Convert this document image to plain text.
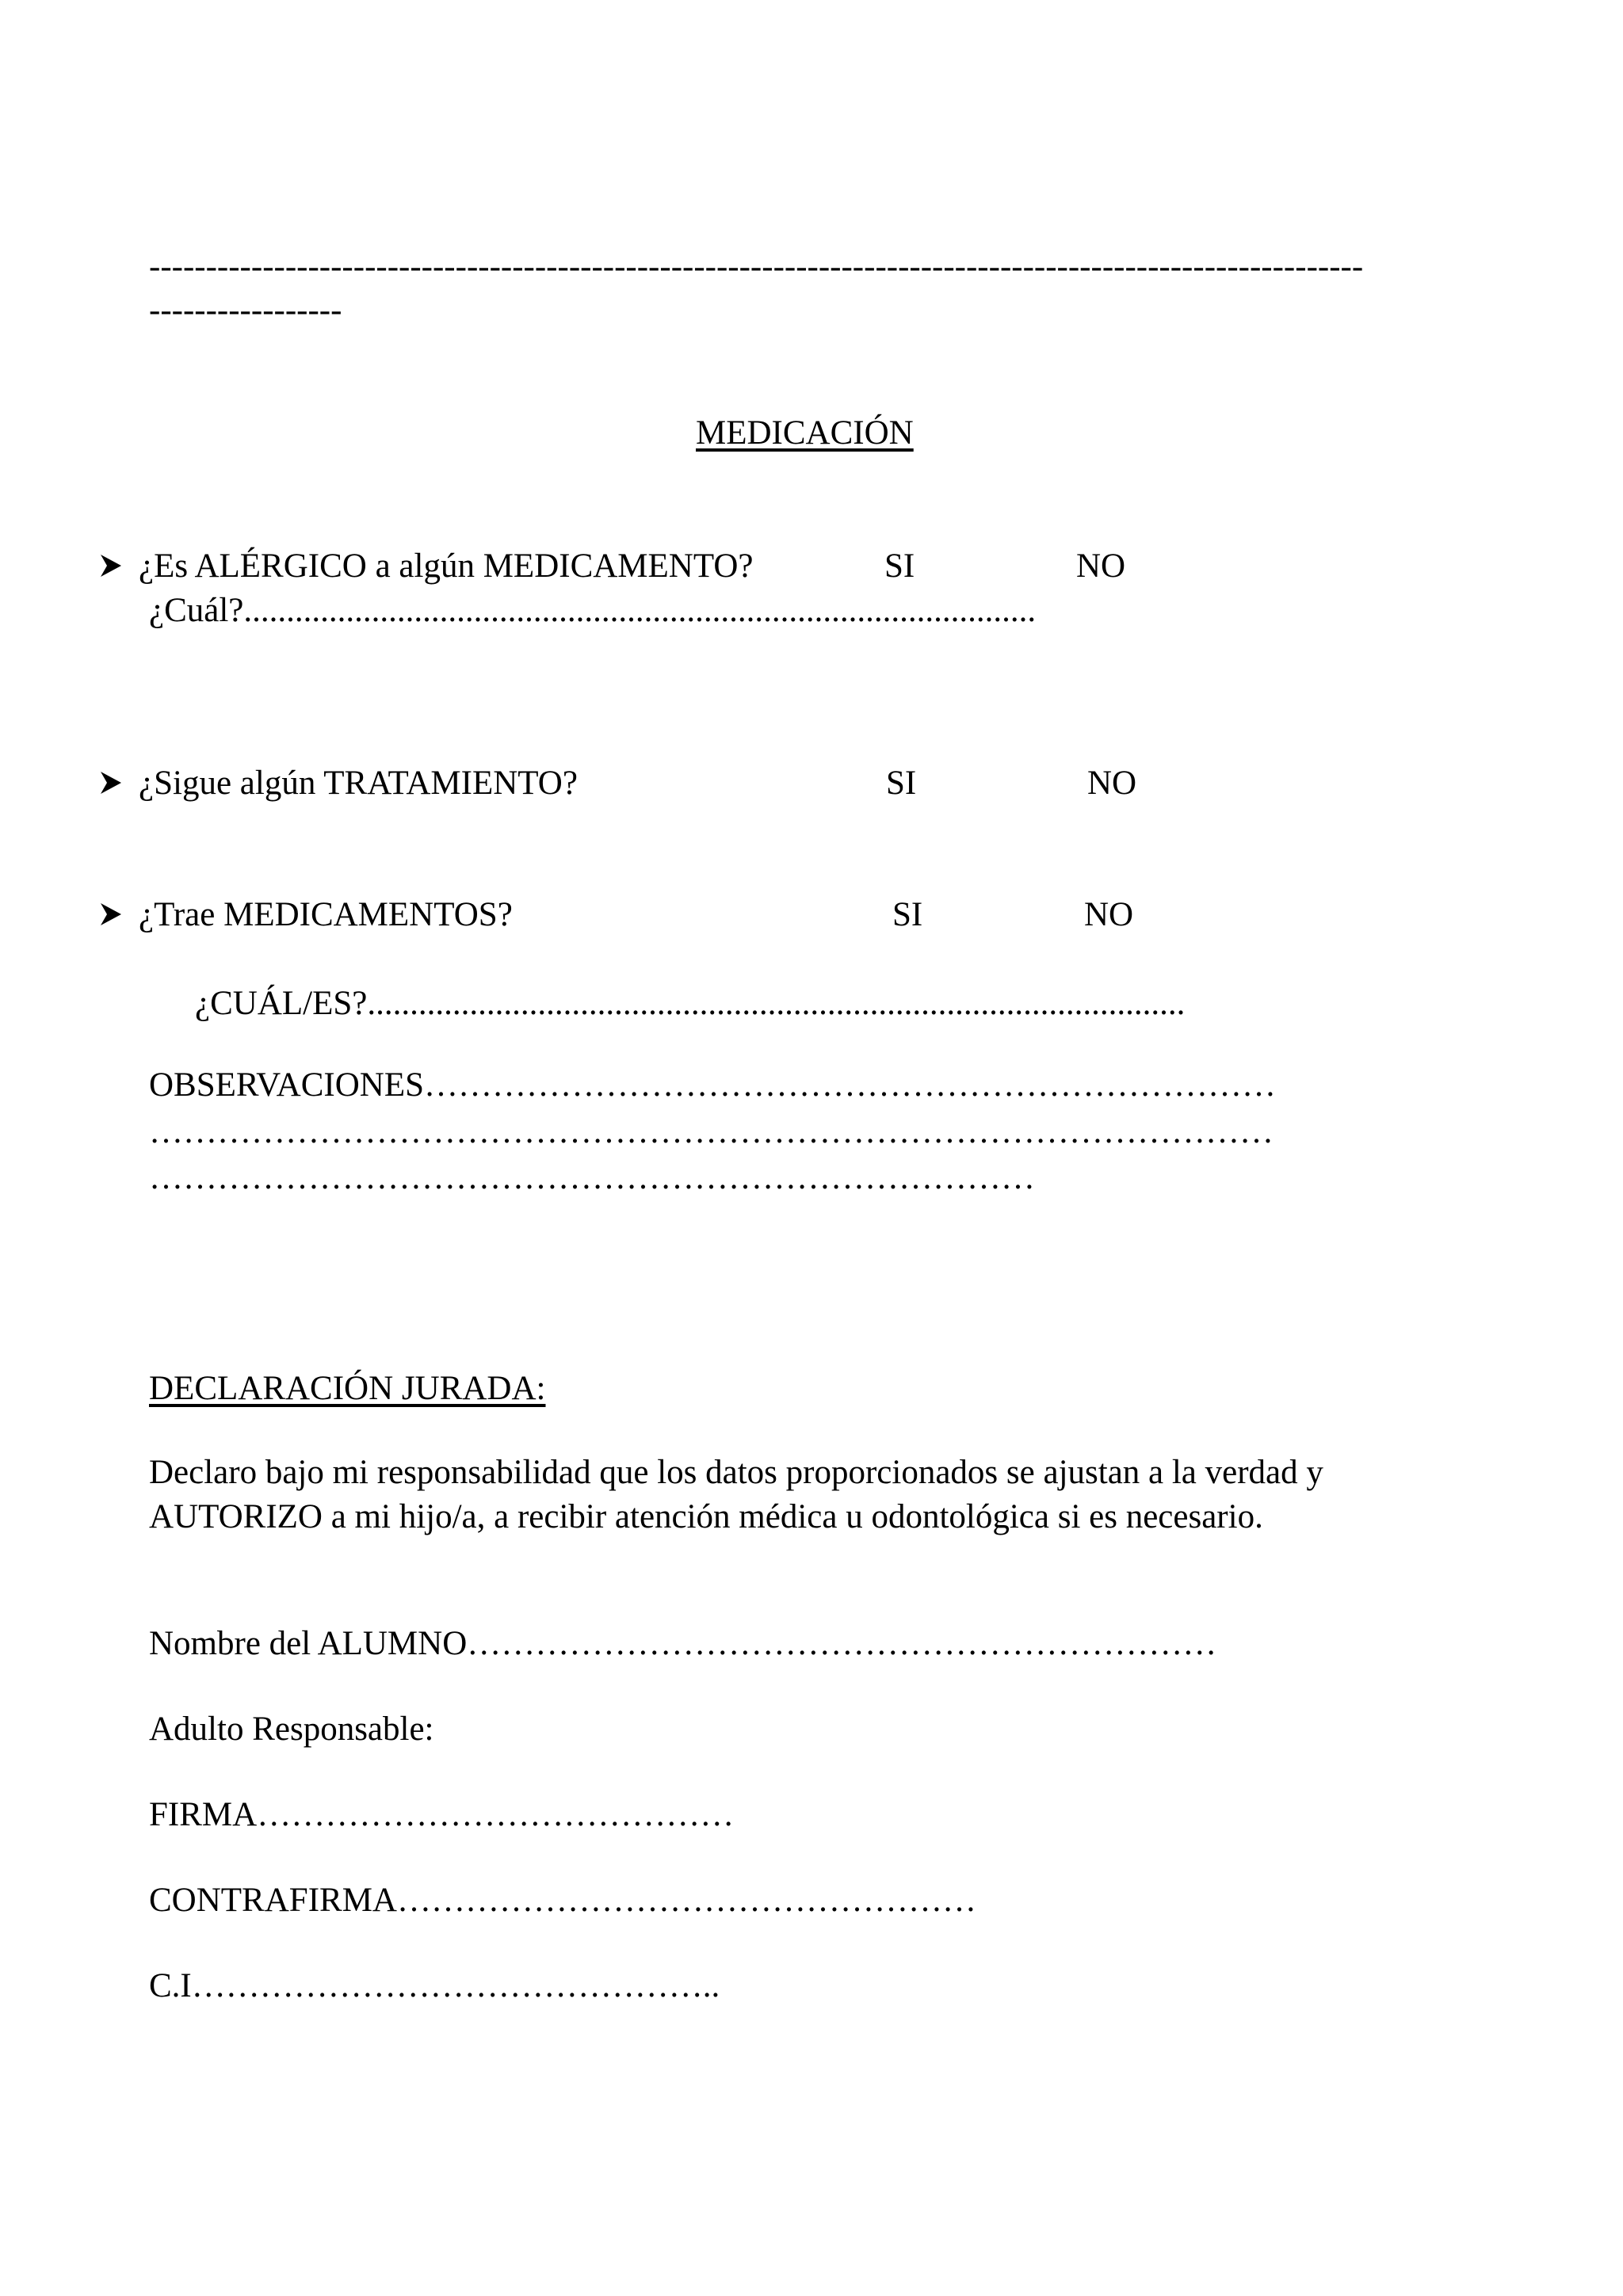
-----------------------------------------------------------------------------------------------------------
-----------------
MEDICACIÓN
¿Es ALÉRGICO a algún MEDICAMENTO?	SI	NO
¿Cuál?.............................................................................................
¿Sigue algún TRATAMIENTO?	SI	NO
¿Trae MEDICAMENTOS?	SI	NO
¿CUÁL/ES?................................................................................................
OBSERVACIONES…………………………………………………………………
………………………………………………………………………………………
……………………………………………………………………
DECLARACIÓN JURADA:
Declaro bajo mi responsabilidad que los datos proporcionados se ajustan a la verdad y
AUTORIZO a mi hijo/a, a recibir atención médica u odontológica si es necesario.
Nombre del ALUMNO…………………………………………………………
Adulto Responsable:
FIRMA……………………………………
CONTRAFIRMA……………………………………………
C.I………………………………………..
